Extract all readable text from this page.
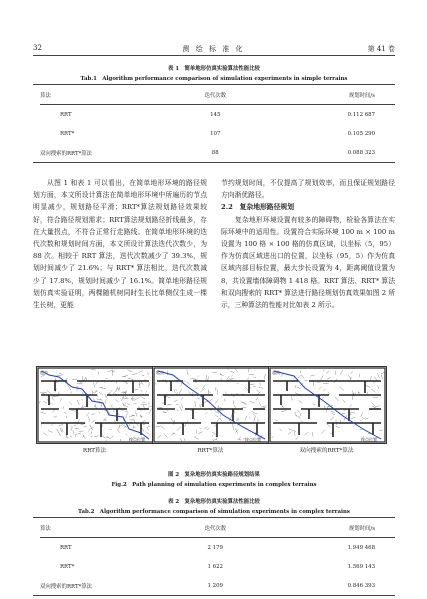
32	测 绘 标 准 化	第 41 卷
表 1　简单地形仿真实验算法性能比较
Tab.1　Algorithm performance comparison of simulation experiments in simple terrains
算法	迭代次数	规划时间/s
RRT	145	0.112 687
RRT*	107	0.105 290
双向搜索的RRT*算法	88	0.088 323

从图 1 和表 1 可以看出，在简单地形环境的路径规划方面，本文所设计算法在简单地形环境中所遍历的节点明显减少，规划路径平滑；RRT*算法规划路径效果较好，符合路径规划需求；RRT算法规划路径折线最多，存在大量拐点，不符合正常行走路线。在简单地形环境的迭代次数和规划时间方面，本文所设计算法迭代次数少，为 88 次。相较于 RRT 算法，迭代次数减少了 39.3%，规划时间减少了 21.6%；与 RRT* 算法相比，迭代次数减少了 17.8%，规划时间减少了 16.1%。简单地形路径规划仿真实验证明，两棵随机树同时生长比单侧仅生成一棵生长树，更能

节约规划时间，不仅提高了规划效率，而且保证规划路径方向渐优路径。

2.2　复杂地形路径规划

复杂地形环境设置有较多的障碍物，检验各算法在实际环境中的适用性。设置符合实际环境 100 m × 100 m 设置为 100 格 × 100 格的仿真区域，以坐标（5，95）作为仿真区域进出口的位置，以坐标（95，5）作为仿真区域内部目标位置，最大步长设置为 4，距离阈值设置为 8，共设置墙体障碍物 1 418 格。RRT 算法、RRT* 算法和双向搜索的 RRT* 算法进行路径规划仿真效果如图 2 所示，三种算法的性能对比如表 2 所示。

起点
终点位置
起点
终点位置
起点
终点位置
RRT算法	RRT*算法	双向搜索的RRT*算法
图 2　复杂地形仿真实验路径规划结果
Fig.2　Path planning of simulation experiments in complex terrains
表 2　复杂地形仿真实验算法性能比较
Tab.2　Algorithm performance comparison of simulation experiments in complex terrains
算法	迭代次数	规划时间/s
RRT	2 179	1.949 468
RRT*	1 622	1.569 143
双向搜索的RRT*算法	1 209	0.846 393
